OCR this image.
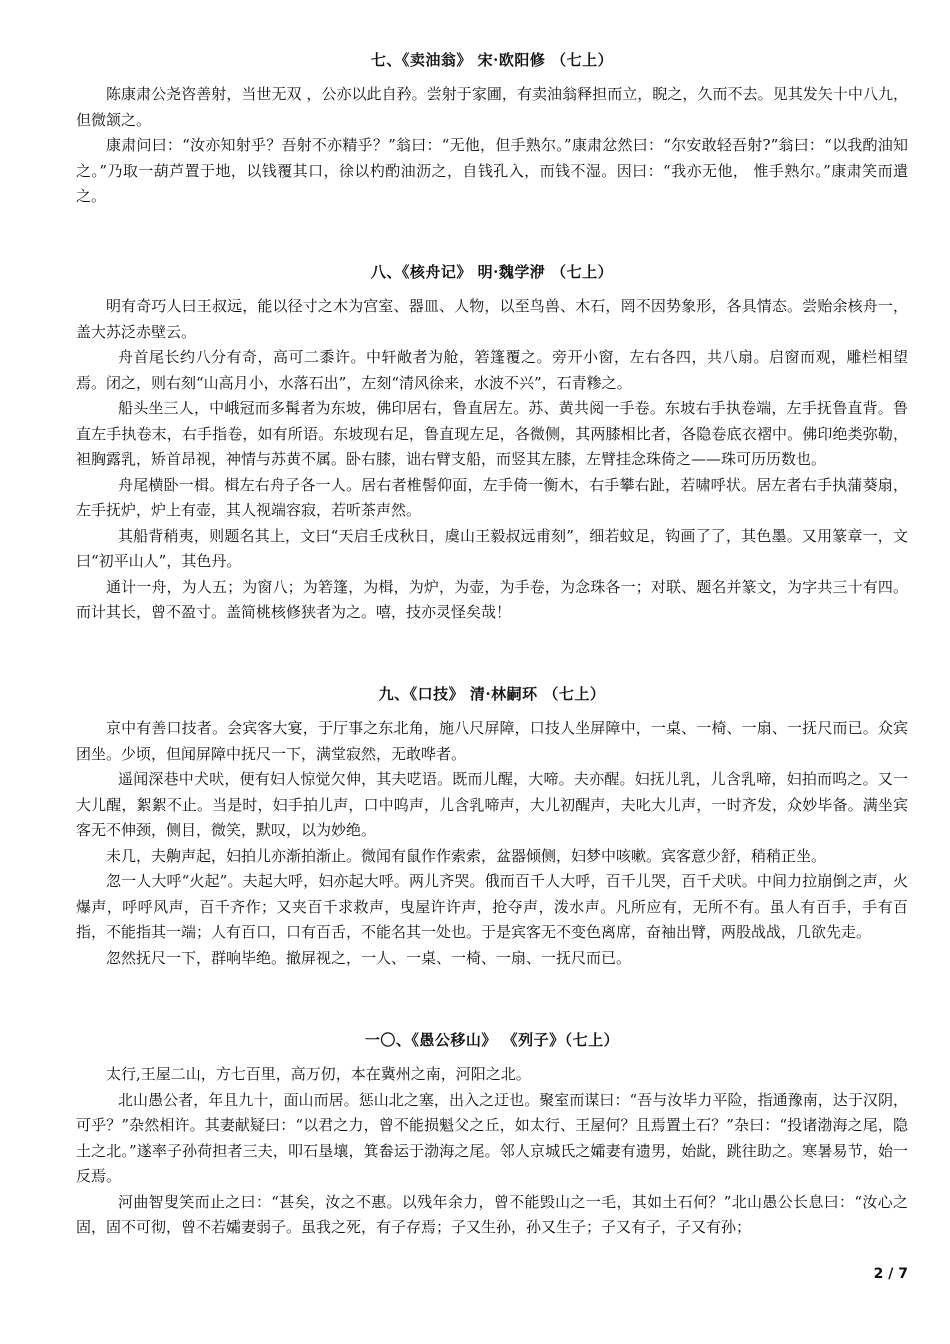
七、《卖油翁》 宋·欧阳修 （七上）

陈康肃公尧咨善射，当世无双 ，公亦以此自矜。尝射于家圃，有卖油翁释担而立，睨之，久而不去。见其发矢十中八九，但微颔之。

康肃问曰：“汝亦知射乎？吾射不亦精乎？”翁曰：“无他，但手熟尔。”康肃忿然曰：“尔安敢轻吾射?”翁曰：“以我酌油知之。”乃取一葫芦置于地，以钱覆其口，徐以杓酌油沥之，自钱孔入，而钱不湿。因曰：“我亦无他， 惟手熟尔。”康肃笑而遣之。

八、《核舟记》 明·魏学洢 （七上）

明有奇巧人曰王叔远，能以径寸之木为宫室、器皿、人物，以至鸟兽、木石，罔不因势象形，各具情态。尝贻余核舟一，盖大苏泛赤壁云。

舟首尾长约八分有奇，高可二黍许。中轩敞者为舱，箬篷覆之。旁开小窗，左右各四，共八扇。启窗而观，雕栏相望焉。闭之，则右刻“山高月小，水落石出”，左刻“清风徐来，水波不兴”，石青糁之。

船头坐三人，中峨冠而多髯者为东坡，佛印居右，鲁直居左。苏、黄共阅一手卷。东坡右手执卷端，左手抚鲁直背。鲁直左手执卷末，右手指卷，如有所语。东坡现右足，鲁直现左足，各微侧，其两膝相比者，各隐卷底衣褶中。佛印绝类弥勒，袒胸露乳，矫首昂视，神情与苏黄不属。卧右膝，诎右臂支船，而竖其左膝，左臂挂念珠倚之——珠可历历数也。

舟尾横卧一楫。楫左右舟子各一人。居右者椎髻仰面，左手倚一衡木，右手攀右趾，若啸呼状。居左者右手执蒲葵扇，左手抚炉，炉上有壶，其人视端容寂，若听茶声然。

其船背稍夷，则题名其上，文曰“天启壬戌秋日，虞山王毅叔远甫刻”，细若蚊足，钩画了了，其色墨。又用篆章一，文曰“初平山人”，其色丹。

通计一舟，为人五；为窗八；为箬篷，为楫，为炉，为壶，为手卷，为念珠各一；对联、题名并篆文，为字共三十有四。而计其长，曾不盈寸。盖简桃核修狭者为之。嘻，技亦灵怪矣哉！

九、《口技》 清·林嗣环 （七上）

京中有善口技者。会宾客大宴，于厅事之东北角，施八尺屏障，口技人坐屏障中，一桌、一椅、一扇、一抚尺而已。众宾团坐。少顷，但闻屏障中抚尺一下，满堂寂然，无敢哗者。

遥闻深巷中犬吠，便有妇人惊觉欠伸，其夫呓语。既而儿醒，大啼。夫亦醒。妇抚儿乳，儿含乳啼，妇拍而呜之。又一大儿醒，絮絮不止。当是时，妇手拍儿声，口中呜声，儿含乳啼声，大儿初醒声，夫叱大儿声，一时齐发，众妙毕备。满坐宾客无不伸颈，侧目，微笑，默叹，以为妙绝。

未几，夫齁声起，妇拍儿亦渐拍渐止。微闻有鼠作作索索，盆器倾侧，妇梦中咳嗽。宾客意少舒，稍稍正坐。

忽一人大呼“火起”。夫起大呼，妇亦起大呼。两儿齐哭。俄而百千人大呼，百千儿哭，百千犬吠。中间力拉崩倒之声，火爆声，呼呼风声，百千齐作；又夹百千求救声，曳屋许许声，抢夺声，泼水声。凡所应有，无所不有。虽人有百手，手有百指，不能指其一端；人有百口，口有百舌，不能名其一处也。于是宾客无不变色离席，奋袖出臂，两股战战，几欲先走。

忽然抚尺一下，群响毕绝。撤屏视之，一人、一桌、一椅、一扇、一抚尺而已。

一〇、《愚公移山》 《列子》（七上）

太行,王屋二山，方七百里，高万仞，本在冀州之南，河阳之北。

北山愚公者，年且九十，面山而居。惩山北之塞，出入之迂也。聚室而谋曰：“吾与汝毕力平险，指通豫南，达于汉阴，可乎？”杂然相许。其妻献疑曰：“以君之力，曾不能损魁父之丘，如太行、王屋何？且焉置土石？”杂曰：“投诸渤海之尾，隐土之北。”遂率子孙荷担者三夫，叩石垦壤，箕畚运于渤海之尾。邻人京城氏之孀妻有遗男，始龀，跳往助之。寒暑易节，始一反焉。

河曲智叟笑而止之曰：“甚矣，汝之不惠。以残年余力，曾不能毁山之一毛，其如土石何？”北山愚公长息曰：“汝心之固，固不可彻，曾不若孀妻弱子。虽我之死，有子存焉；子又生孙，孙又生子；子又有子，子又有孙；

2 / 7
